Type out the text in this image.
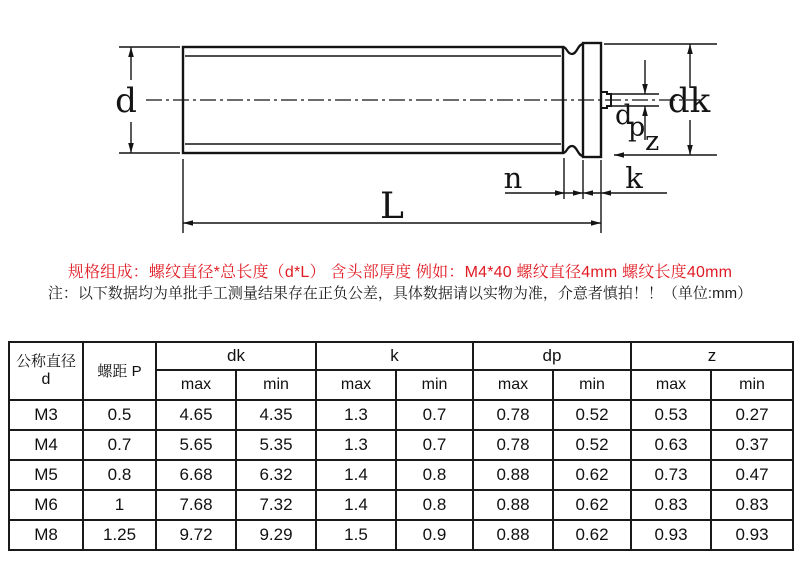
d	dk
d
p z
n	k
L
规格组成：螺纹直径*总长度（d*L） 含头部厚度 例如：M4*40 螺纹直径4mm 螺纹长度40mm
注：以下数据均为单批手工测量结果存在正负公差，具体数据请以实物为准，介意者慎拍！！（单位:mm）
公称直径
d	螺距 P	dk		k		dp		z	
		max	min	max	min	max	min	max	min
M3	0.5	4.65	4.35	1.3	0.7	0.78	0.52	0.53	0.27
M4	0.7	5.65	5.35	1.3	0.7	0.78	0.52	0.63	0.37
M5	0.8	6.68	6.32	1.4	0.8	0.88	0.62	0.73	0.47
M6	1	7.68	7.32	1.4	0.8	0.88	0.62	0.83	0.83
M8	1.25	9.72	9.29	1.5	0.9	0.88	0.62	0.93	0.93
